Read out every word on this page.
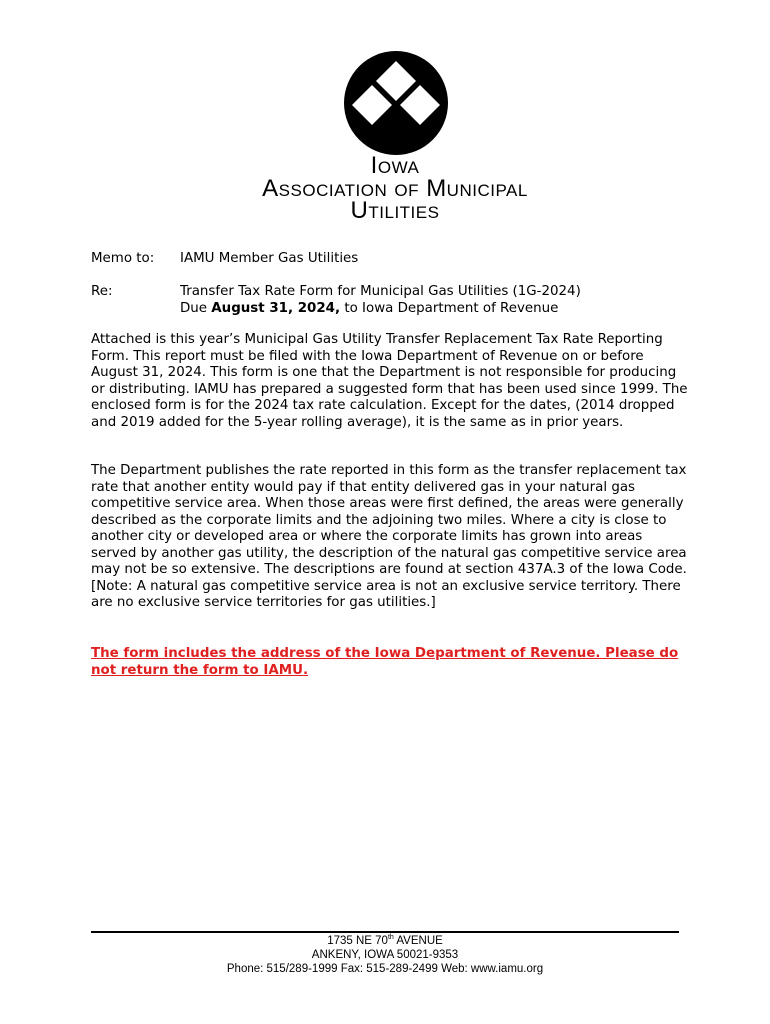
Iowa
Association of Municipal
Utilities
Memo to: IAMU Member Gas Utilities
Re:	Transfer Tax Rate Form for Municipal Gas Utilities (1G-2024)
Due August 31, 2024, to Iowa Department of Revenue
Attached is this year’s Municipal Gas Utility Transfer Replacement Tax Rate Reporting Form. This report must be filed with the Iowa Department of Revenue on or before August 31, 2024. This form is one that the Department is not responsible for producing or distributing. IAMU has prepared a suggested form that has been used since 1999. The enclosed form is for the 2024 tax rate calculation. Except for the dates, (2014 dropped and 2019 added for the 5-year rolling average), it is the same as in prior years.

The Department publishes the rate reported in this form as the transfer replacement tax rate that another entity would pay if that entity delivered gas in your natural gas competitive service area. When those areas were first defined, the areas were generally described as the corporate limits and the adjoining two miles. Where a city is close to another city or developed area or where the corporate limits has grown into areas served by another gas utility, the description of the natural gas competitive service area may not be so extensive. The descriptions are found at section 437A.3 of the Iowa Code.

[Note: A natural gas competitive service area is not an exclusive service territory. There are no exclusive service territories for gas utilities.]

The form includes the address of the Iowa Department of Revenue. Please do not return the form to IAMU.
1735 NE 70th AVENUE
ANKENY, IOWA 50021-9353
Phone: 515/289-1999 Fax: 515-289-2499 Web: www.iamu.org
